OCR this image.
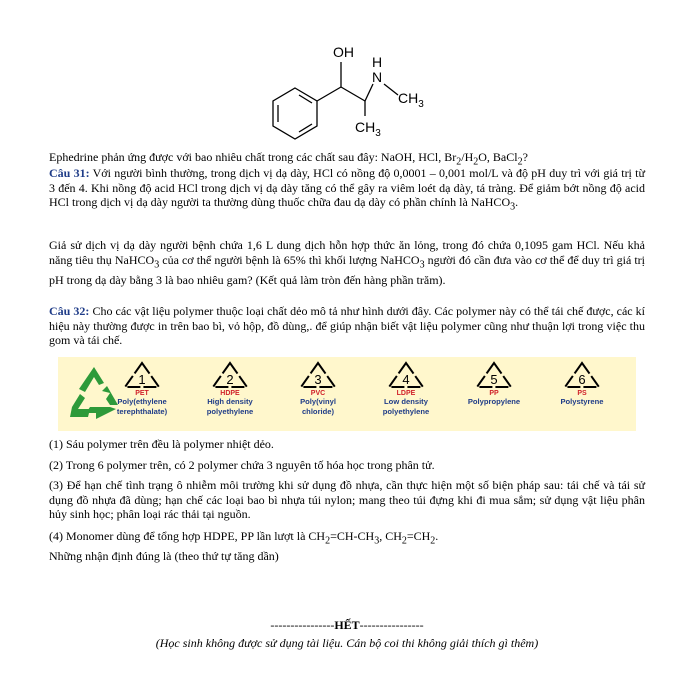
OH
H
N
$CH_3$
$CH_3$

Ephedrine phản ứng được với bao nhiêu chất trong các chất sau đây: NaOH, HCl, $Br_2/H_2O$, BaCl$_2$?

Câu 31: Với người bình thường, trong dịch vị dạ dày, HCl có nồng độ 0,0001 – 0,001 mol/L và độ pH duy trì với giá trị từ 3 đến 4. Khi nồng độ acid HCl trong dịch vị dạ dày tăng có thể gây ra viêm loét dạ dày, tá tràng. Để giảm bớt nồng độ acid HCl trong dịch vị dạ dày người ta thường dùng thuốc chữa đau dạ dày có phần chính là NaHCO$_3$.

Giả sử dịch vị dạ dày người bệnh chứa 1,6 L dung dịch hỗn hợp thức ăn lỏng, trong đó chứa 0,1095 gam HCl. Nếu khả năng tiêu thụ NaHCO$_3$ của cơ thể người bệnh là 65% thì khối lượng NaHCO$_3$ người đó cần đưa vào cơ thể để duy trì giá trị pH trong dạ dày bằng 3 là bao nhiêu gam? (Kết quả làm tròn đến hàng phần trăm).

Câu 32: Cho các vật liệu polymer thuộc loại chất dẻo mô tả như hình dưới đây. Các polymer này có thể tái chế được, các kí hiệu này thường được in trên bao bì, vỏ hộp, đồ dùng,. để giúp nhận biết vật liệu polymer cũng như thuận lợi trong việc thu gom và tái chế.

1
PET
Poly(ethylene
terephthalate)
2
HDPE
High density
polyethylene
3
PVC
Poly(vinyl
chloride)
4
LDPE
Low density
polyethylene
5
PP
Polypropylene
6
PS
Polystyrene

(1) Sáu polymer trên đều là polymer nhiệt dẻo.

(2) Trong 6 polymer trên, có 2 polymer chứa 3 nguyên tố hóa học trong phân tử.

(3) Để hạn chế tình trạng ô nhiễm môi trường khi sử dụng đồ nhựa, cần thực hiện một số biện pháp sau: tái chế và tái sử dụng đồ nhựa đã dùng; hạn chế các loại bao bì nhựa túi nylon; mang theo túi đựng khi đi mua sắm; sử dụng vật liệu phân hủy sinh học; phân loại rác thải tại nguồn.

(4) Monomer dùng để tổng hợp HDPE, PP lần lượt là $CH_2=CH-CH_3$, $CH_2=CH_2$.

Những nhận định đúng là (theo thứ tự tăng dần)

----------------HẾT----------------
(Học sinh không được sử dụng tài liệu. Cán bộ coi thi không giải thích gì thêm)
